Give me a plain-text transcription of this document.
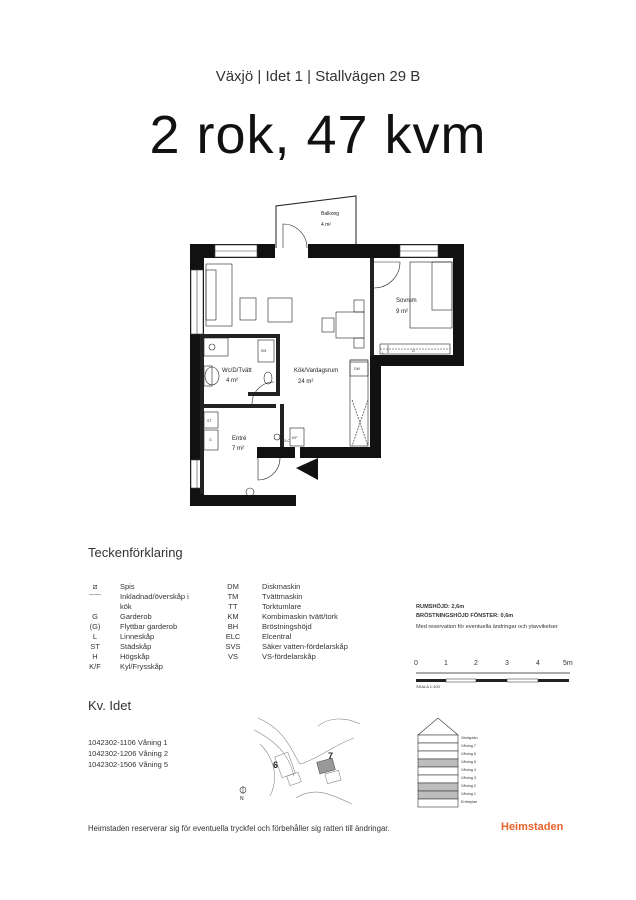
Växjö | Idet 1 | Stallvägen 29 B
2 rok, 47 kvm
Balkong
4 m²
Sovrum
9 m²
L	G
Kök/Vardagsrum
24 m²
DM
ELC
K/F
Wc/D/Tvätt
4 m²
KM
Entré
7 m²
ST
G
Teckenförklaring
⧄	Spis
------	Inkladnad/överskåp i
kök
G	Garderob
(G)	Flyttbar garderob
L	Linneskåp
ST	Städskåp
H	Högskåp
K/F	Kyl/Frysskåp
DM	Diskmaskin
TM	Tvättmaskin
TT	Torktumlare
KM	Kombimaskin tvätt/tork
BH	Bröstningshöjd
ELC	Elcentral
SVS	Säker vatten-fördelarskåp
VS	VS-fördelarskåp
RUMSHÖJD: 2,6m
BRÖSTNINGSHÖJD FÖNSTER: 0,6m
Med reservation för eventuella ändringar och ytavvikelser
0	1	2	3	4	5m
SKALA 1:100
Kv. Idet
1042302-1106 Våning 1
1042302-1206 Våning 2
1042302-1506 Våning 5	6
7
N
Vindsplan
Våning 7
Våning 6
Våning 5
Våning 4
Våning 3
Våning 2
Våning 1
Entréplan
Heimstaden reserverar sig för eventuella tryckfel och förbehåller sig ratten till ändringar.	Heimstaden
